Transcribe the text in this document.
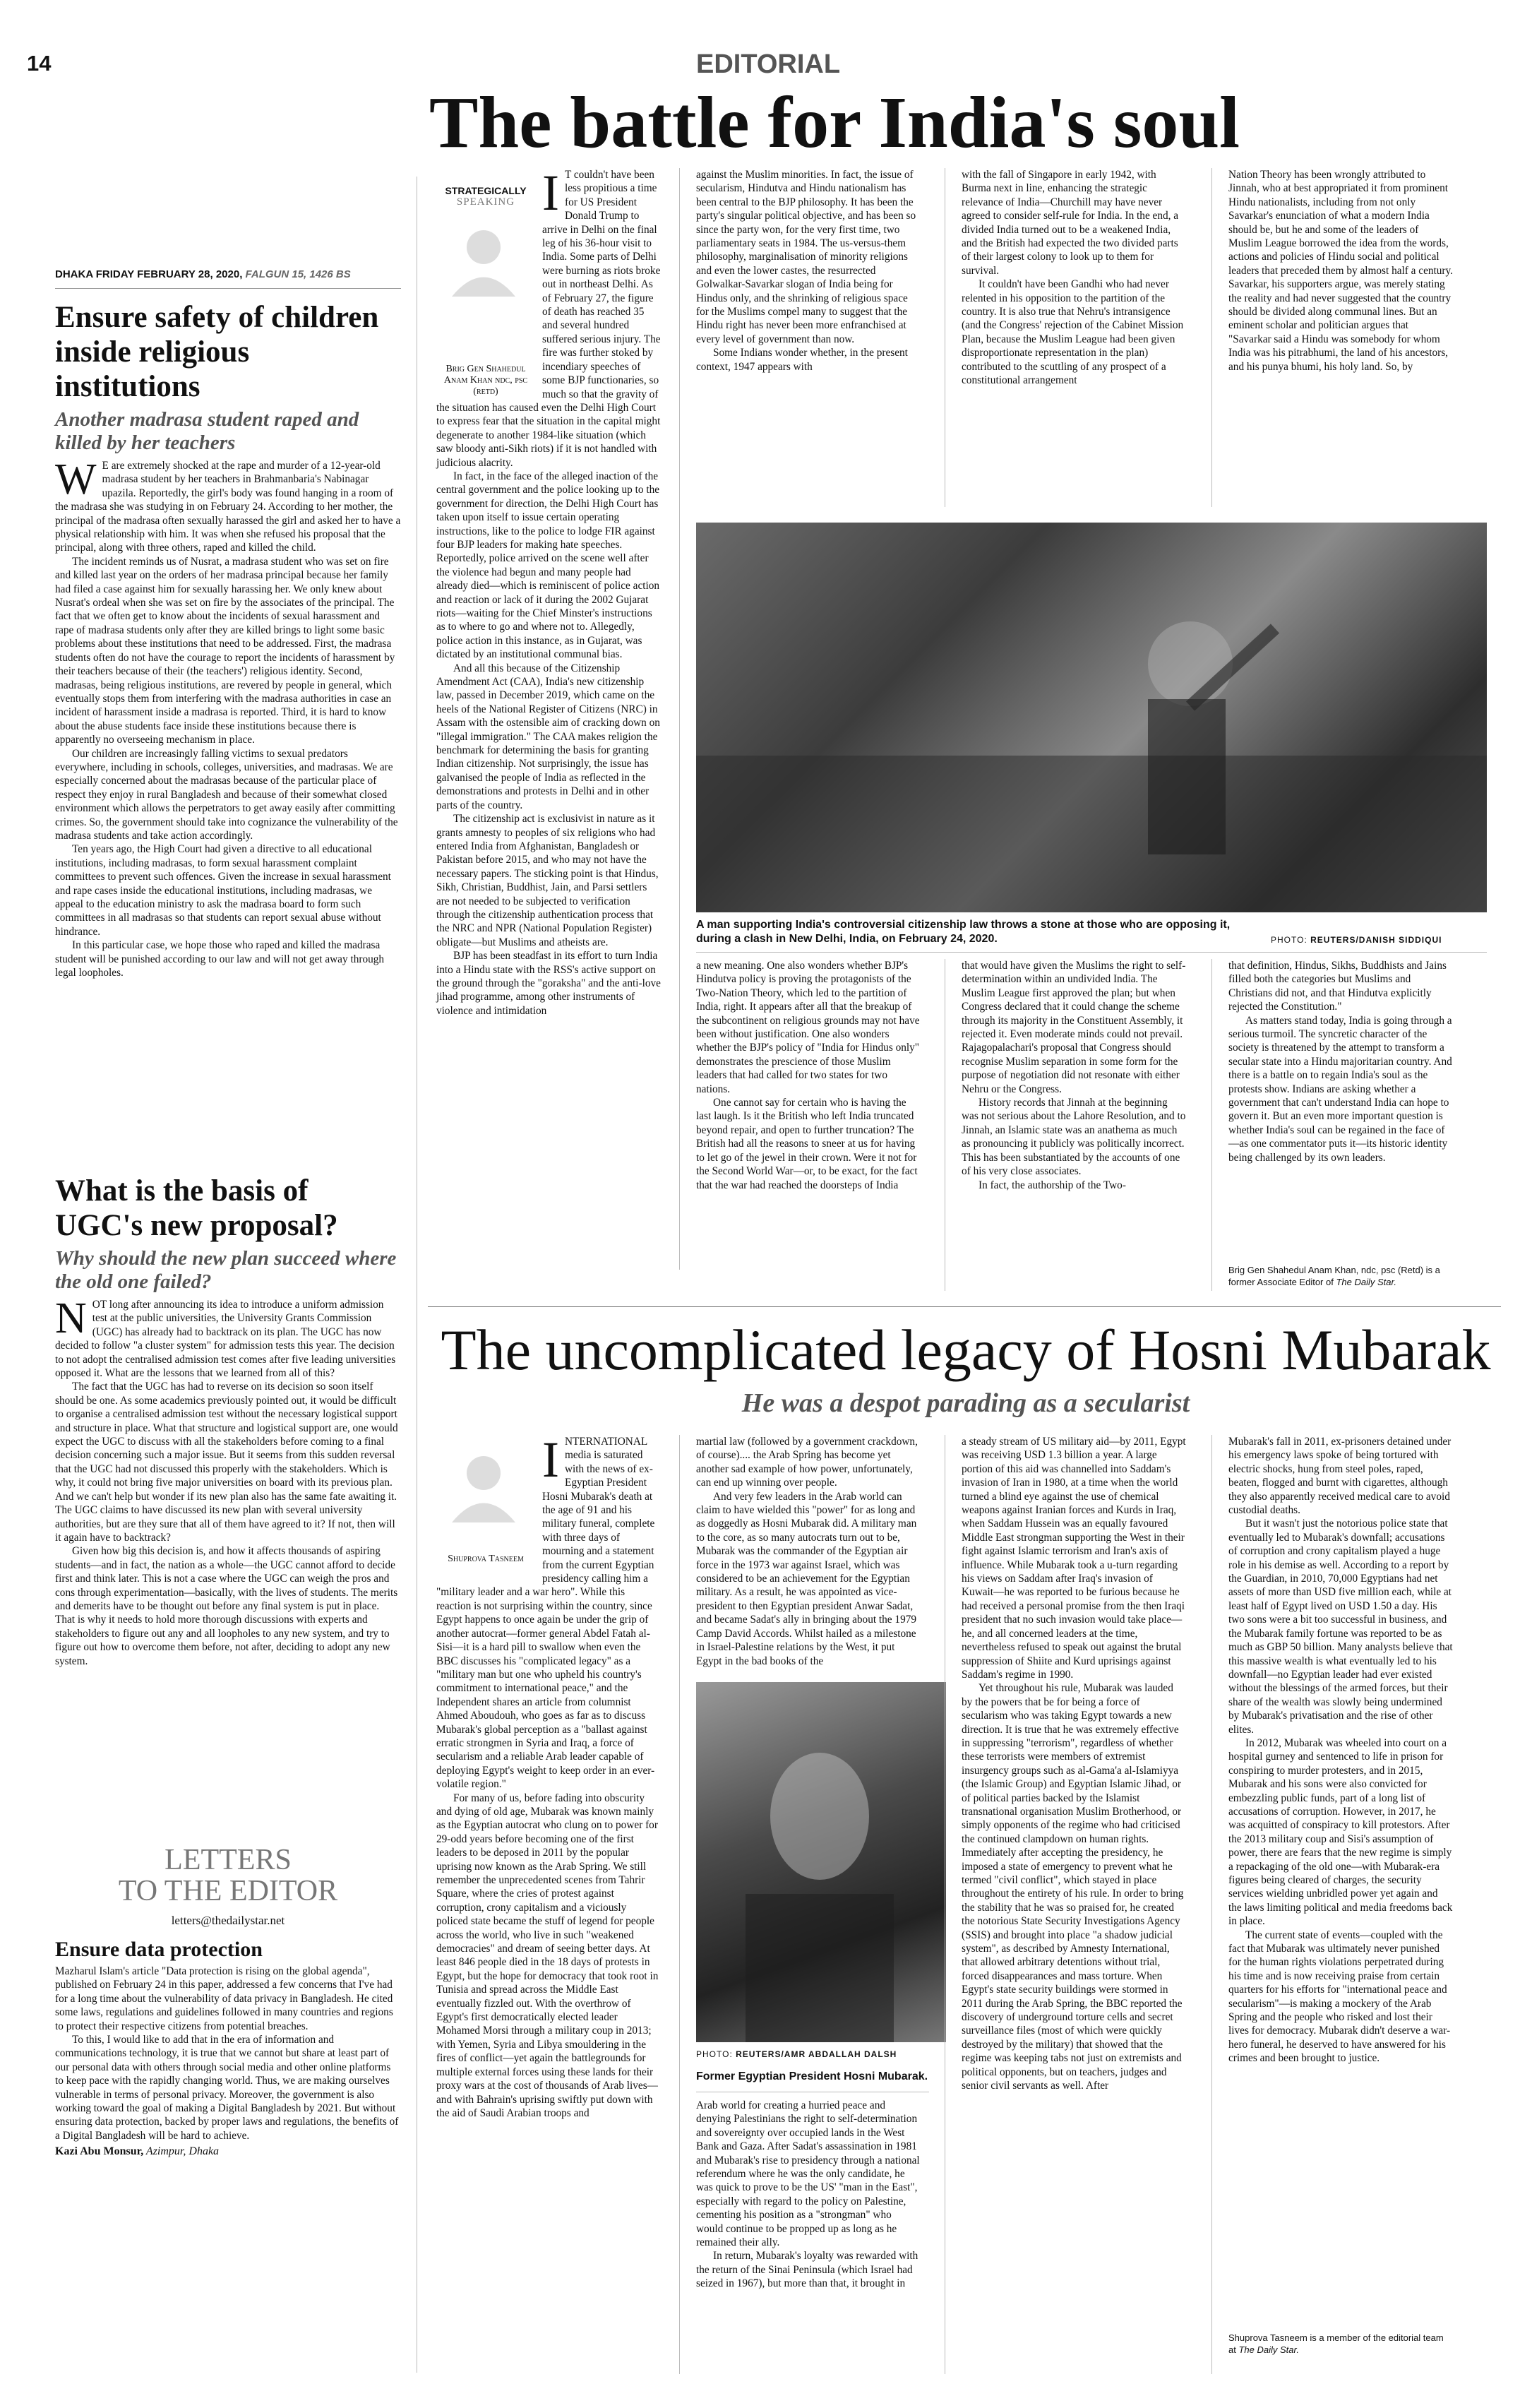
14	EDITORIAL
The battle for India's soul
DHAKA FRIDAY FEBRUARY 28, 2020, FALGUN 15, 1426 BS
Ensure safety of children inside religious institutions
Another madrasa student raped and killed by her teachers
W E are extremely shocked at the rape and murder of a 12-year-old madrasa student by her teachers in Brahmanbaria's Nabinagar upazila. Reportedly, the girl's body was found hanging in a room of the madrasa she was studying in on February 24. According to her mother, the principal of the madrasa often sexually harassed the girl and asked her to have a physical relationship with him. It was when she refused his proposal that the principal, along with three others, raped and killed the child.

The incident reminds us of Nusrat, a madrasa student who was set on fire and killed last year on the orders of her madrasa principal because her family had filed a case against him for sexually harassing her. We only knew about Nusrat's ordeal when she was set on fire by the associates of the principal. The fact that we often get to know about the incidents of sexual harassment and rape of madrasa students only after they are killed brings to light some basic problems about these institutions that need to be addressed. First, the madrasa students often do not have the courage to report the incidents of harassment by their teachers because of their (the teachers') religious identity. Second, madrasas, being religious institutions, are revered by people in general, which eventually stops them from interfering with the madrasa authorities in case an incident of harassment inside a madrasa is reported. Third, it is hard to know about the abuse students face inside these institutions because there is apparently no overseeing mechanism in place.

Our children are increasingly falling victims to sexual predators everywhere, including in schools, colleges, universities, and madrasas. We are especially concerned about the madrasas because of the particular place of respect they enjoy in rural Bangladesh and because of their somewhat closed environment which allows the perpetrators to get away easily after committing crimes. So, the government should take into cognizance the vulnerability of the madrasa students and take action accordingly.

Ten years ago, the High Court had given a directive to all educational institutions, including madrasas, to form sexual harassment complaint committees to prevent such offences. Given the increase in sexual harassment and rape cases inside the educational institutions, including madrasas, we appeal to the education ministry to ask the madrasa board to form such committees in all madrasas so that students can report sexual abuse without hindrance.

In this particular case, we hope those who raped and killed the madrasa student will be punished according to our law and will not get away through legal loopholes.

What is the basis of UGC's new proposal?
Why should the new plan succeed where the old one failed?
N OT long after announcing its idea to introduce a uniform admission test at the public universities, the University Grants Commission (UGC) has already had to backtrack on its plan. The UGC has now decided to follow "a cluster system" for admission tests this year. The decision to not adopt the centralised admission test comes after five leading universities opposed it. What are the lessons that we learned from all of this?

The fact that the UGC has had to reverse on its decision so soon itself should be one. As some academics previously pointed out, it would be difficult to organise a centralised admission test without the necessary logistical support and structure in place. What that structure and logistical support are, one would expect the UGC to discuss with all the stakeholders before coming to a final decision concerning such a major issue. But it seems from this sudden reversal that the UGC had not discussed this properly with the stakeholders. Which is why, it could not bring five major universities on board with its previous plan. And we can't help but wonder if its new plan also has the same fate awaiting it. The UGC claims to have discussed its new plan with several university authorities, but are they sure that all of them have agreed to it? If not, then will it again have to backtrack?

Given how big this decision is, and how it affects thousands of aspiring students—and in fact, the nation as a whole—the UGC cannot afford to decide first and think later. This is not a case where the UGC can weigh the pros and cons through experimentation—basically, with the lives of students. The merits and demerits have to be thought out before any final system is put in place. That is why it needs to hold more thorough discussions with experts and stakeholders to figure out any and all loopholes to any new system, and try to figure out how to overcome them before, not after, deciding to adopt any new system.

LETTERS
TO THE EDITOR
letters@thedailystar.net
Ensure data protection

Mazharul Islam's article "Data protection is rising on the global agenda", published on February 24 in this paper, addressed a few concerns that I've had for a long time about the vulnerability of data privacy in Bangladesh. He cited some laws, regulations and guidelines followed in many countries and regions to protect their respective citizens from potential breaches.

To this, I would like to add that in the era of information and communications technology, it is true that we cannot but share at least part of our personal data with others through social media and other online platforms to keep pace with the rapidly changing world. Thus, we are making ourselves vulnerable in terms of personal privacy. Moreover, the government is also working toward the goal of making a Digital Bangladesh by 2021. But without ensuring data protection, backed by proper laws and regulations, the benefits of a Digital Bangladesh will be hard to achieve.

Kazi Abu Monsur, Azimpur, Dhaka
STRATEGICALLY
SPEAKING
Brig Gen Shahedul Anam Khan ndc, psc (retd)
I T couldn't have been less propitious a time for US President Donald Trump to arrive in Delhi on the final leg of his 36-hour visit to India. Some parts of Delhi were burning as riots broke out in northeast Delhi. As of February 27, the figure of death has reached 35 and several hundred suffered serious injury. The fire was further stoked by incendiary speeches of some BJP functionaries, so much so that the gravity of the situation has caused even the Delhi High Court to express fear that the situation in the capital might degenerate to another 1984-like situation (which saw bloody anti-Sikh riots) if it is not handled with judicious alacrity.

In fact, in the face of the alleged inaction of the central government and the police looking up to the government for direction, the Delhi High Court has taken upon itself to issue certain operating instructions, like to the police to lodge FIR against four BJP leaders for making hate speeches. Reportedly, police arrived on the scene well after the violence had begun and many people had already died—which is reminiscent of police action and reaction or lack of it during the 2002 Gujarat riots—waiting for the Chief Minster's instructions as to where to go and where not to. Allegedly, police action in this instance, as in Gujarat, was dictated by an institutional communal bias.

And all this because of the Citizenship Amendment Act (CAA), India's new citizenship law, passed in December 2019, which came on the heels of the National Register of Citizens (NRC) in Assam with the ostensible aim of cracking down on "illegal immigration." The CAA makes religion the benchmark for determining the basis for granting Indian citizenship. Not surprisingly, the issue has galvanised the people of India as reflected in the demonstrations and protests in Delhi and in other parts of the country.

The citizenship act is exclusivist in nature as it grants amnesty to peoples of six religions who had entered India from Afghanistan, Bangladesh or Pakistan before 2015, and who may not have the necessary papers. The sticking point is that Hindus, Sikh, Christian, Buddhist, Jain, and Parsi settlers are not needed to be subjected to verification through the citizenship authentication process that the NRC and NPR (National Population Register) obligate—but Muslims and atheists are.

BJP has been steadfast in its effort to turn India into a Hindu state with the RSS's active support on the ground through the "goraksha" and the anti-love jihad programme, among other instruments of violence and intimidation

against the Muslim minorities. In fact, the issue of secularism, Hindutva and Hindu nationalism has been central to the BJP philosophy. It has been the party's singular political objective, and has been so since the party won, for the very first time, two parliamentary seats in 1984. The us-versus-them philosophy, marginalisation of minority religions and even the lower castes, the resurrected Golwalkar-Savarkar slogan of India being for Hindus only, and the shrinking of religious space for the Muslims compel many to suggest that the Hindu right has never been more enfranchised at every level of government than now.

Some Indians wonder whether, in the present context, 1947 appears with

with the fall of Singapore in early 1942, with Burma next in line, enhancing the strategic relevance of India—Churchill may have never agreed to consider self-rule for India. In the end, a divided India turned out to be a weakened India, and the British had expected the two divided parts of their largest colony to look up to them for survival.

It couldn't have been Gandhi who had never relented in his opposition to the partition of the country. It is also true that Nehru's intransigence (and the Congress' rejection of the Cabinet Mission Plan, because the Muslim League had been given disproportionate representation in the plan) contributed to the scuttling of any prospect of a constitutional arrangement

Nation Theory has been wrongly attributed to Jinnah, who at best appropriated it from prominent Hindu nationalists, including from not only Savarkar's enunciation of what a modern India should be, but he and some of the leaders of Muslim League borrowed the idea from the words, actions and policies of Hindu social and political leaders that preceded them by almost half a century. Savarkar, his supporters argue, was merely stating the reality and had never suggested that the country should be divided along communal lines. But an eminent scholar and politician argues that "Savarkar said a Hindu was somebody for whom India was his pitrabhumi, the land of his ancestors, and his punya bhumi, his holy land. So, by

A man supporting India's controversial citizenship law throws a stone at those who are opposing it, during a clash in New Delhi, India, on February 24, 2020.	PHOTO: REUTERS/DANISH SIDDIQUI

a new meaning. One also wonders whether BJP's Hindutva policy is proving the protagonists of the Two-Nation Theory, which led to the partition of India, right. It appears after all that the breakup of the subcontinent on religious grounds may not have been without justification. One also wonders whether the BJP's policy of "India for Hindus only" demonstrates the prescience of those Muslim leaders that had called for two states for two nations.

One cannot say for certain who is having the last laugh. Is it the British who left India truncated beyond repair, and open to further truncation? The British had all the reasons to sneer at us for having to let go of the jewel in their crown. Were it not for the Second World War—or, to be exact, for the fact that the war had reached the doorsteps of India

that would have given the Muslims the right to self-determination within an undivided India. The Muslim League first approved the plan; but when Congress declared that it could change the scheme through its majority in the Constituent Assembly, it rejected it. Even moderate minds could not prevail. Rajagopalachari's proposal that Congress should recognise Muslim separation in some form for the purpose of negotiation did not resonate with either Nehru or the Congress.

History records that Jinnah at the beginning was not serious about the Lahore Resolution, and to Jinnah, an Islamic state was an anathema as much as pronouncing it publicly was politically incorrect. This has been substantiated by the accounts of one of his very close associates.

In fact, the authorship of the Two-

that definition, Hindus, Sikhs, Buddhists and Jains filled both the categories but Muslims and Christians did not, and that Hindutva explicitly rejected the Constitution."

As matters stand today, India is going through a serious turmoil. The syncretic character of the society is threatened by the attempt to transform a secular state into a Hindu majoritarian country. And there is a battle on to regain India's soul as the protests show. Indians are asking whether a government that can't understand India can hope to govern it. But an even more important question is whether India's soul can be regained in the face of—as one commentator puts it—its historic identity being challenged by its own leaders.

Brig Gen Shahedul Anam Khan, ndc, psc (Retd) is a former Associate Editor of The Daily Star.
The uncomplicated legacy of Hosni Mubarak
He was a despot parading as a secularist
Shuprova Tasneem
I NTERNATIONAL media is saturated with the news of ex-Egyptian President Hosni Mubarak's death at the age of 91 and his military funeral, complete with three days of mourning and a statement from the current Egyptian presidency calling him a "military leader and a war hero". While this reaction is not surprising within the country, since Egypt happens to once again be under the grip of another autocrat—former general Abdel Fatah al-Sisi—it is a hard pill to swallow when even the BBC discusses his "complicated legacy" as a "military man but one who upheld his country's commitment to international peace," and the Independent shares an article from columnist Ahmed Aboudouh, who goes as far as to discuss Mubarak's global perception as a "ballast against erratic strongmen in Syria and Iraq, a force of secularism and a reliable Arab leader capable of deploying Egypt's weight to keep order in an ever-volatile region."

For many of us, before fading into obscurity and dying of old age, Mubarak was known mainly as the Egyptian autocrat who clung on to power for 29-odd years before becoming one of the first leaders to be deposed in 2011 by the popular uprising now known as the Arab Spring. We still remember the unprecedented scenes from Tahrir Square, where the cries of protest against corruption, crony capitalism and a viciously policed state became the stuff of legend for people across the world, who live in such "weakened democracies" and dream of seeing better days. At least 846 people died in the 18 days of protests in Egypt, but the hope for democracy that took root in Tunisia and spread across the Middle East eventually fizzled out. With the overthrow of Egypt's first democratically elected leader Mohamed Morsi through a military coup in 2013; with Yemen, Syria and Libya smouldering in the fires of conflict—yet again the battlegrounds for multiple external forces using these lands for their proxy wars at the cost of thousands of Arab lives—and with Bahrain's uprising swiftly put down with the aid of Saudi Arabian troops and

martial law (followed by a government crackdown, of course).... the Arab Spring has become yet another sad example of how power, unfortunately, can end up winning over people.

And very few leaders in the Arab world can claim to have wielded this "power" for as long and as doggedly as Hosni Mubarak did. A military man to the core, as so many autocrats turn out to be, Mubarak was the commander of the Egyptian air force in the 1973 war against Israel, which was considered to be an achievement for the Egyptian military. As a result, he was appointed as vice-president to then Egyptian president Anwar Sadat, and became Sadat's ally in bringing about the 1979 Camp David Accords. Whilst hailed as a milestone in Israel-Palestine relations by the West, it put Egypt in the bad books of the

PHOTO: REUTERS/AMR ABDALLAH DALSH
Former Egyptian President Hosni Mubarak.

Arab world for creating a hurried peace and denying Palestinians the right to self-determination and sovereignty over occupied lands in the West Bank and Gaza. After Sadat's assassination in 1981 and Mubarak's rise to presidency through a national referendum where he was the only candidate, he was quick to prove to be the US' "man in the East", especially with regard to the policy on Palestine, cementing his position as a "strongman" who would continue to be propped up as long as he remained their ally.

In return, Mubarak's loyalty was rewarded with the return of the Sinai Peninsula (which Israel had seized in 1967), but more than that, it brought in

a steady stream of US military aid—by 2011, Egypt was receiving USD 1.3 billion a year. A large portion of this aid was channelled into Saddam's invasion of Iran in 1980, at a time when the world turned a blind eye against the use of chemical weapons against Iranian forces and Kurds in Iraq, when Saddam Hussein was an equally favoured Middle East strongman supporting the West in their fight against Islamic terrorism and Iran's axis of influence. While Mubarak took a u-turn regarding his views on Saddam after Iraq's invasion of Kuwait—he was reported to be furious because he had received a personal promise from the then Iraqi president that no such invasion would take place—he, and all concerned leaders at the time, nevertheless refused to speak out against the brutal suppression of Shiite and Kurd uprisings against Saddam's regime in 1990.

Yet throughout his rule, Mubarak was lauded by the powers that be for being a force of secularism who was taking Egypt towards a new direction. It is true that he was extremely effective in suppressing "terrorism", regardless of whether these terrorists were members of extremist insurgency groups such as al-Gama'a al-Islamiyya (the Islamic Group) and Egyptian Islamic Jihad, or of political parties backed by the Islamist transnational organisation Muslim Brotherhood, or simply opponents of the regime who had criticised the continued clampdown on human rights. Immediately after accepting the presidency, he imposed a state of emergency to prevent what he termed "civil conflict", which stayed in place throughout the entirety of his rule. In order to bring the stability that he was so praised for, he created the notorious State Security Investigations Agency (SSIS) and brought into place "a shadow judicial system", as described by Amnesty International, that allowed arbitrary detentions without trial, forced disappearances and mass torture. When Egypt's state security buildings were stormed in 2011 during the Arab Spring, the BBC reported the discovery of underground torture cells and secret surveillance files (most of which were quickly destroyed by the military) that showed that the regime was keeping tabs not just on extremists and political opponents, but on teachers, judges and senior civil servants as well. After

Mubarak's fall in 2011, ex-prisoners detained under his emergency laws spoke of being tortured with electric shocks, hung from steel poles, raped, beaten, flogged and burnt with cigarettes, although they also apparently received medical care to avoid custodial deaths.

But it wasn't just the notorious police state that eventually led to Mubarak's downfall; accusations of corruption and crony capitalism played a huge role in his demise as well. According to a report by the Guardian, in 2010, 70,000 Egyptians had net assets of more than USD five million each, while at least half of Egypt lived on USD 1.50 a day. His two sons were a bit too successful in business, and the Mubarak family fortune was reported to be as much as GBP 50 billion. Many analysts believe that this massive wealth is what eventually led to his downfall—no Egyptian leader had ever existed without the blessings of the armed forces, but their share of the wealth was slowly being undermined by Mubarak's privatisation and the rise of other elites.

In 2012, Mubarak was wheeled into court on a hospital gurney and sentenced to life in prison for conspiring to murder protesters, and in 2015, Mubarak and his sons were also convicted for embezzling public funds, part of a long list of accusations of corruption. However, in 2017, he was acquitted of conspiracy to kill protestors. After the 2013 military coup and Sisi's assumption of power, there are fears that the new regime is simply a repackaging of the old one—with Mubarak-era figures being cleared of charges, the security services wielding unbridled power yet again and the laws limiting political and media freedoms back in place.

The current state of events—coupled with the fact that Mubarak was ultimately never punished for the human rights violations perpetrated during his time and is now receiving praise from certain quarters for his efforts for "international peace and secularism"—is making a mockery of the Arab Spring and the people who risked and lost their lives for democracy. Mubarak didn't deserve a war-hero funeral, he deserved to have answered for his crimes and been brought to justice.

Shuprova Tasneem is a member of the editorial team at The Daily Star.
